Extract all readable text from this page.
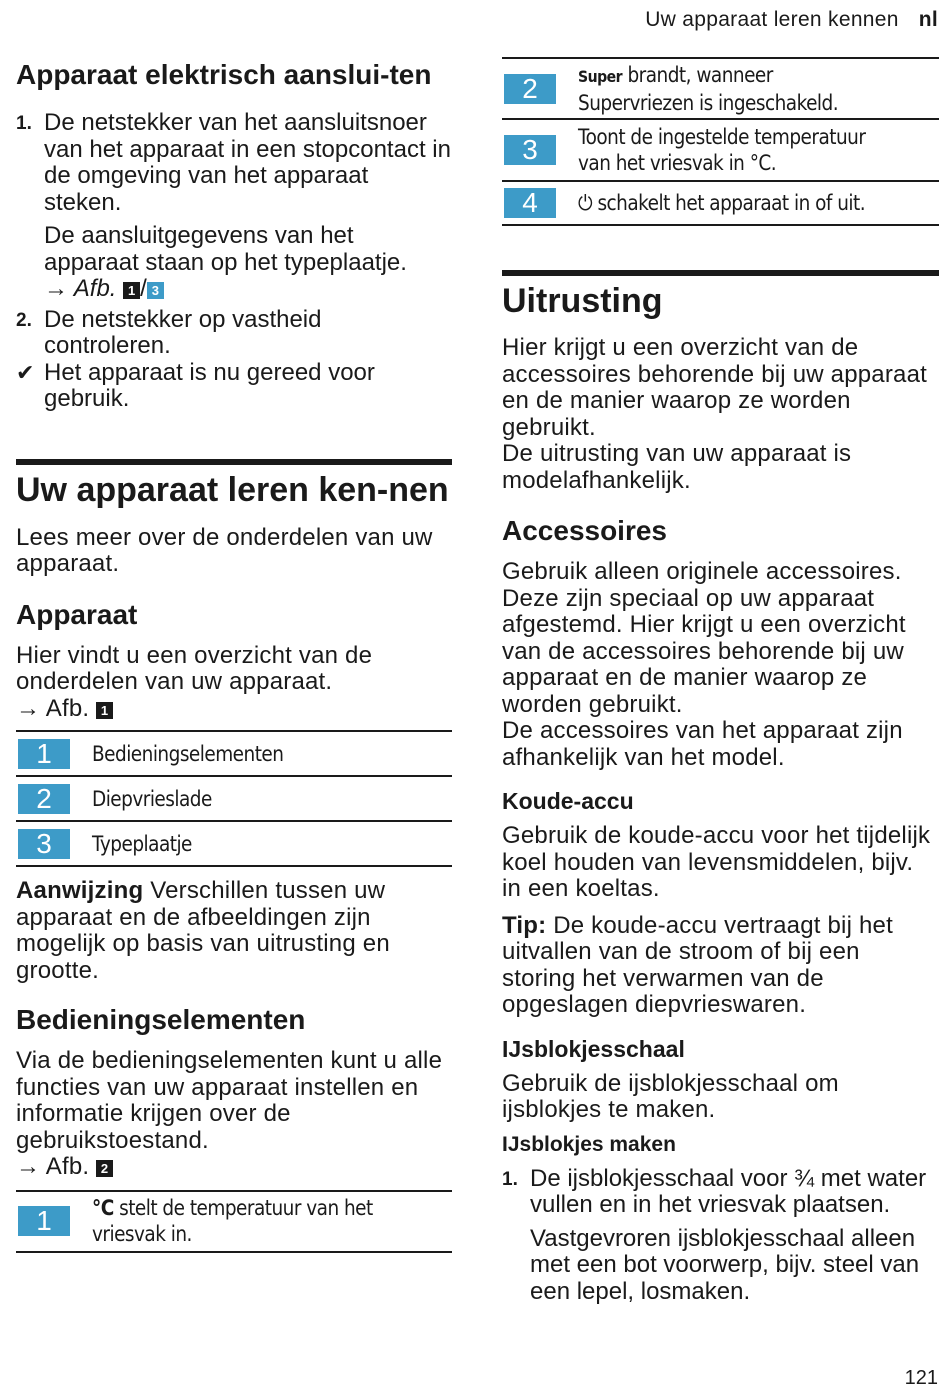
Uw apparaat leren kennen nl
Apparaat elektrisch aanslui-ten
1. De netstekker van het aansluitsnoer van het apparaat in een stopcontact in de omgeving van het apparaat steken.
De aansluitgegevens van het apparaat staan op het typeplaatje.
→ Afb. 1 / 3
2. De netstekker op vastheid controleren.
✔ Het apparaat is nu gereed voor gebruik.
Uw apparaat leren ken-nen

Lees meer over de onderdelen van uw apparaat.

Apparaat

Hier vindt u een overzicht van de onderdelen van uw apparaat.

→ Afb. 1

1	Bedieningselementen
2	Diepvrieslade
3	Typeplaatje

Aanwijzing Verschillen tussen uw apparaat en de afbeeldingen zijn mogelijk op basis van uitrusting en grootte.

Bedieningselementen

Via de bedieningselementen kunt u alle functies van uw apparaat instellen en informatie krijgen over de gebruikstoestand.

→ Afb. 2

1	°C stelt de temperatuur van het vriesvak in.
2	Super brandt, wanneer Supervriezen is ingeschakeld.
3	Toont de ingestelde temperatuur van het vriesvak in °C.
4	⏻ schakelt het apparaat in of uit.
Uitrusting

Hier krijgt u een overzicht van de accessoires behorende bij uw apparaat en de manier waarop ze worden gebruikt.

De uitrusting van uw apparaat is modelafhankelijk.

Accessoires

Gebruik alleen originele accessoires. Deze zijn speciaal op uw apparaat afgestemd. Hier krijgt u een overzicht van de accessoires behorende bij uw apparaat en de manier waarop ze worden gebruikt.

De accessoires van het apparaat zijn afhankelijk van het model.

Koude-accu

Gebruik de koude-accu voor het tijdelijk koel houden van levensmiddelen, bijv. in een koeltas.

Tip: De koude-accu vertraagt bij het uitvallen van de stroom of bij een storing het verwarmen van de opgeslagen diepvrieswaren.

IJsblokjesschaal

Gebruik de ijsblokjesschaal om ijsblokjes te maken.

IJsblokjes maken
1. De ijsblokjesschaal voor ¾ met water vullen en in het vriesvak plaatsen.
Vastgevroren ijsblokjesschaal alleen met een bot voorwerp, bijv. steel van een lepel, losmaken.
121
